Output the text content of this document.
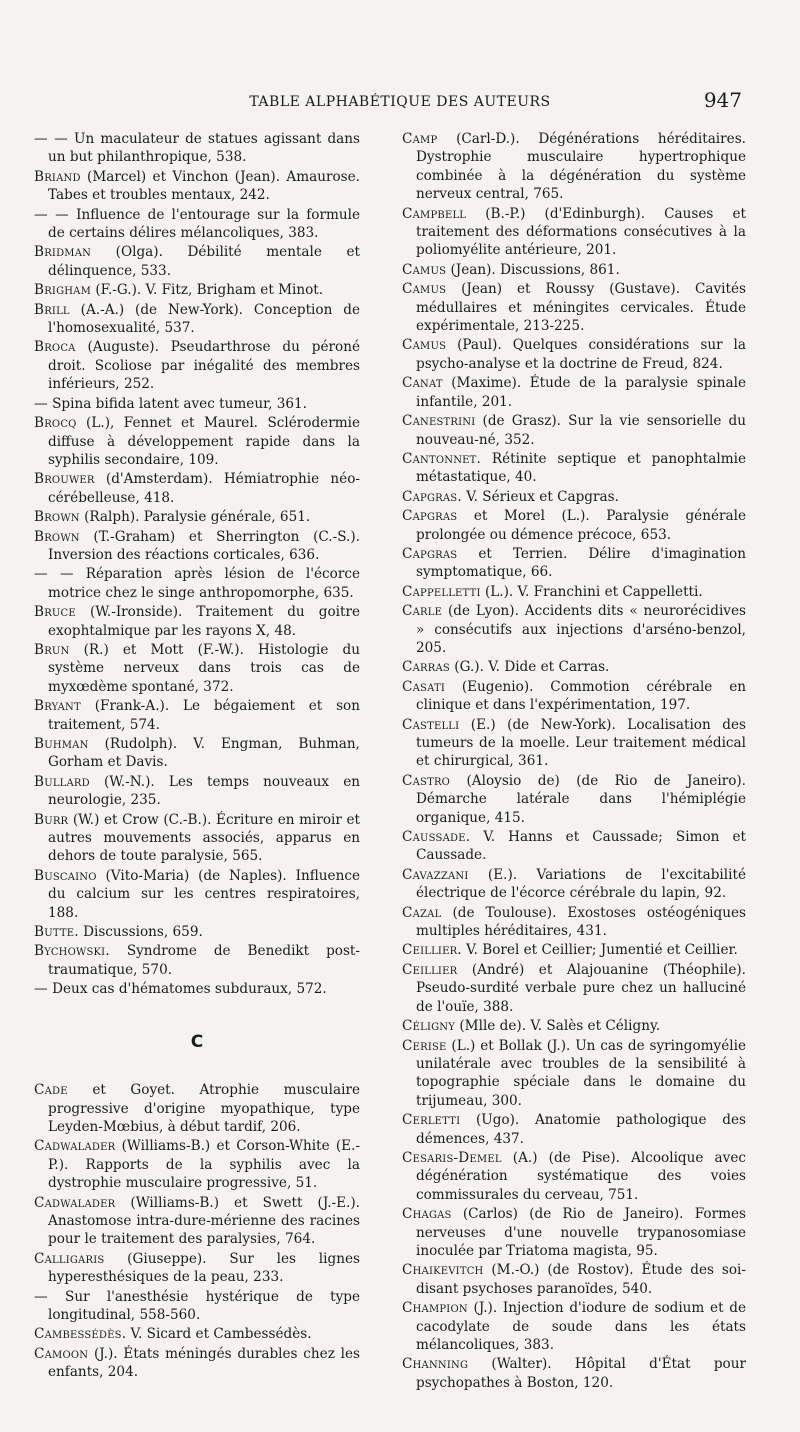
TABLE ALPHABÉTIQUE DES AUTEURS	947
— — Un maculateur de statues agissant dans un but philanthropique, 538.
Briand (Marcel) et Vinchon (Jean). Amaurose. Tabes et troubles mentaux, 242.
— — Influence de l'entourage sur la formule de certains délires mélancoliques, 383.
Bridman (Olga). Débilité mentale et délinquence, 533.
Brigham (F.-G.). V. Fitz, Brigham et Minot.
Brill (A.-A.) (de New-York). Conception de l'homosexualité, 537.
Broca (Auguste). Pseudarthrose du péroné droit. Scoliose par inégalité des membres inférieurs, 252.
— Spina bifida latent avec tumeur, 361.
Brocq (L.), Fennet et Maurel. Sclérodermie diffuse à développement rapide dans la syphilis secondaire, 109.
Brouwer (d'Amsterdam). Hémiatrophie néo-cérébelleuse, 418.
Brown (Ralph). Paralysie générale, 651.
Brown (T.-Graham) et Sherrington (C.-S.). Inversion des réactions corticales, 636.
— — Réparation après lésion de l'écorce motrice chez le singe anthropomorphe, 635.
Bruce (W.-Ironside). Traitement du goitre exophtalmique par les rayons X, 48.
Brun (R.) et Mott (F.-W.). Histologie du système nerveux dans trois cas de myxœdème spontané, 372.
Bryant (Frank-A.). Le bégaiement et son traitement, 574.
Buhman (Rudolph). V. Engman, Buhman, Gorham et Davis.
Bullard (W.-N.). Les temps nouveaux en neurologie, 235.
Burr (W.) et Crow (C.-B.). Écriture en miroir et autres mouvements associés, apparus en dehors de toute paralysie, 565.
Buscaino (Vito-Maria) (de Naples). Influence du calcium sur les centres respiratoires, 188.
Butte. Discussions, 659.
Bychowski. Syndrome de Benedikt post-traumatique, 570.
— Deux cas d'hématomes subduraux, 572.
C
Cade et Goyet. Atrophie musculaire progressive d'origine myopathique, type Leyden-Mœbius, à début tardif, 206.
Cadwalader (Williams-B.) et Corson-White (E.-P.). Rapports de la syphilis avec la dystrophie musculaire progressive, 51.
Cadwalader (Williams-B.) et Swett (J.-E.). Anastomose intra-dure-mérienne des racines pour le traitement des paralysies, 764.
Calligaris (Giuseppe). Sur les lignes hyperesthésiques de la peau, 233.
— Sur l'anesthésie hystérique de type longitudinal, 558-560.
Cambessédès. V. Sicard et Cambessédès.
Camoon (J.). États méningés durables chez les enfants, 204.
Camp (Carl-D.). Dégénérations héréditaires. Dystrophie musculaire hypertrophique combinée à la dégénération du système nerveux central, 765.
Campbell (B.-P.) (d'Edinburgh). Causes et traitement des déformations consécutives à la poliomyélite antérieure, 201.
Camus (Jean). Discussions, 861.
Camus (Jean) et Roussy (Gustave). Cavités médullaires et méningites cervicales. Étude expérimentale, 213-225.
Camus (Paul). Quelques considérations sur la psycho-analyse et la doctrine de Freud, 824.
Canat (Maxime). Étude de la paralysie spinale infantile, 201.
Canestrini (de Grasz). Sur la vie sensorielle du nouveau-né, 352.
Cantonnet. Rétinite septique et panophtalmie métastatique, 40.
Capgras. V. Sérieux et Capgras.
Capgras et Morel (L.). Paralysie générale prolongée ou démence précoce, 653.
Capgras et Terrien. Délire d'imagination symptomatique, 66.
Cappelletti (L.). V. Franchini et Cappelletti.
Carle (de Lyon). Accidents dits « neurorécidives » consécutifs aux injections d'arséno-benzol, 205.
Carras (G.). V. Dide et Carras.
Casati (Eugenio). Commotion cérébrale en clinique et dans l'expérimentation, 197.
Castelli (E.) (de New-York). Localisation des tumeurs de la moelle. Leur traitement médical et chirurgical, 361.
Castro (Aloysio de) (de Rio de Janeiro). Démarche latérale dans l'hémiplégie organique, 415.
Caussade. V. Hanns et Caussade; Simon et Caussade.
Cavazzani (E.). Variations de l'excitabilité électrique de l'écorce cérébrale du lapin, 92.
Cazal (de Toulouse). Exostoses ostéogéniques multiples héréditaires, 431.
Ceillier. V. Borel et Ceillier; Jumentié et Ceillier.
Ceillier (André) et Alajouanine (Théophile). Pseudo-surdité verbale pure chez un halluciné de l'ouïe, 388.
Céligny (Mlle de). V. Salès et Céligny.
Cerise (L.) et Bollak (J.). Un cas de syringomyélie unilatérale avec troubles de la sensibilité à topographie spéciale dans le domaine du trijumeau, 300.
Cerletti (Ugo). Anatomie pathologique des démences, 437.
Cesaris-Demel (A.) (de Pise). Alcoolique avec dégénération systématique des voies commissurales du cerveau, 751.
Chagas (Carlos) (de Rio de Janeiro). Formes nerveuses d'une nouvelle trypanosomiase inoculée par Triatoma magista, 95.
Chaikevitch (M.-O.) (de Rostov). Étude des soi-disant psychoses paranoïdes, 540.
Champion (J.). Injection d'iodure de sodium et de cacodylate de soude dans les états mélancoliques, 383.
Channing (Walter). Hôpital d'État pour psychopathes à Boston, 120.
